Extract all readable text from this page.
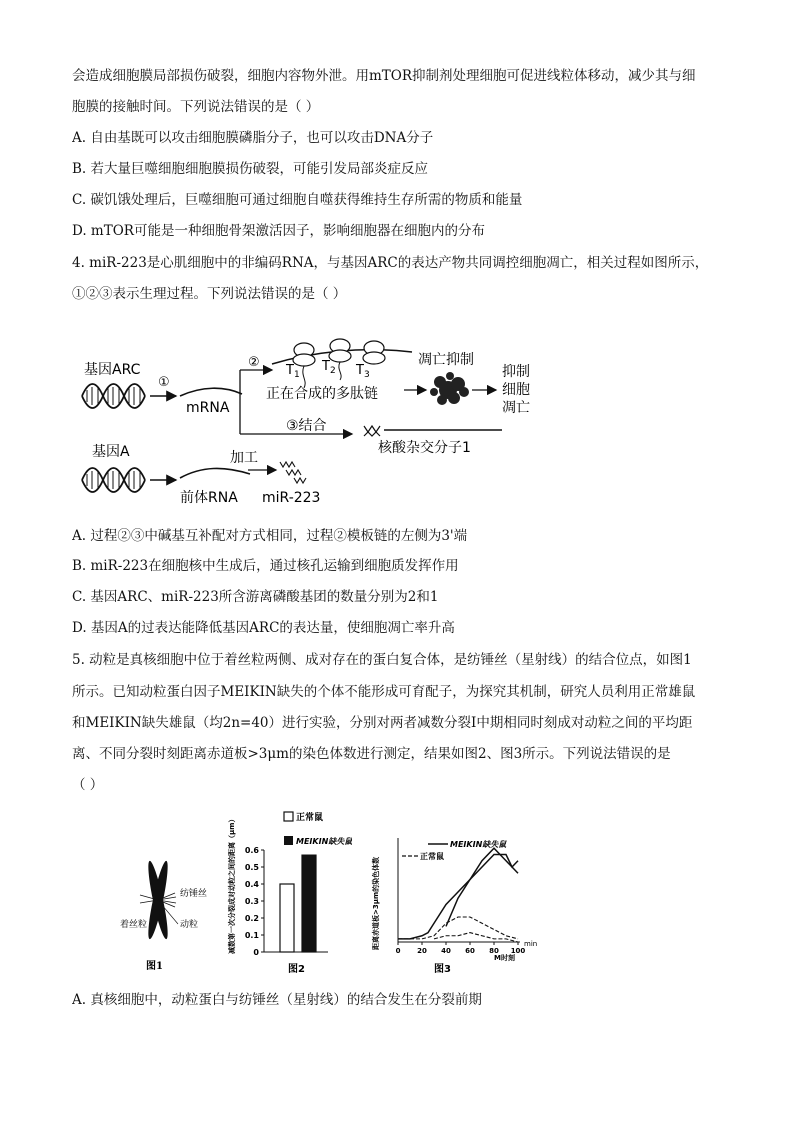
会造成细胞膜局部损伤破裂，细胞内容物外泄。用mTOR抑制剂处理细胞可促进线粒体移动，减少其与细
胞膜的接触时间。下列说法错误的是（ ）
A. 自由基既可以攻击细胞膜磷脂分子，也可以攻击DNA分子
B. 若大量巨噬细胞细胞膜损伤破裂，可能引发局部炎症反应
C. 碳饥饿处理后，巨噬细胞可通过细胞自噬获得维持生存所需的物质和能量
D. mTOR可能是一种细胞骨架激活因子，影响细胞器在细胞内的分布
4. miR-223是心肌细胞中的非编码RNA，与基因ARC的表达产物共同调控细胞凋亡，相关过程如图所示，
①②③表示生理过程。下列说法错误的是（ ）
基因ARC
①
mRNA
②
$T_1$
$T_2$ $T_3$
正在合成的多肽链
凋亡抑制
抑制
细胞
凋亡
③结合
核酸杂交分子1
基因A
前体RNA
加工
miR-223
A. 过程②③中碱基互补配对方式相同，过程②模板链的左侧为3'端
B. miR-223在细胞核中生成后，通过核孔运输到细胞质发挥作用
C. 基因ARC、miR-223所含游离磷酸基团的数量分别为2和1
D. 基因A的过表达能降低基因ARC的表达量，使细胞凋亡率升高
5. 动粒是真核细胞中位于着丝粒两侧、成对存在的蛋白复合体，是纺锤丝（星射线）的结合位点，如图1
所示。已知动粒蛋白因子MEIKIN缺失的个体不能形成可育配子，为探究其机制，研究人员利用正常雄鼠
和MEIKIN缺失雄鼠（均2n=40）进行实验，分别对两者减数分裂Ⅰ中期相同时刻成对动粒之间的平均距
离、不同分裂时刻距离赤道板>3μm的染色体数进行测定，结果如图2、图3所示。下列说法错误的是
（ ）
纺锤丝
动粒
着丝粒
图1
正常鼠
MEIKIN缺失鼠
减数第一次分裂成对动粒之间的距离（μm） 0
0.1
0.2
0.3
0.4
0.5
0.6
图2
MEIKIN缺失鼠
正常鼠
距离赤道板>3μm的染色体数
0 20 40 60 80 100
min
M时刻
图3
A. 真核细胞中，动粒蛋白与纺锤丝（星射线）的结合发生在分裂前期
